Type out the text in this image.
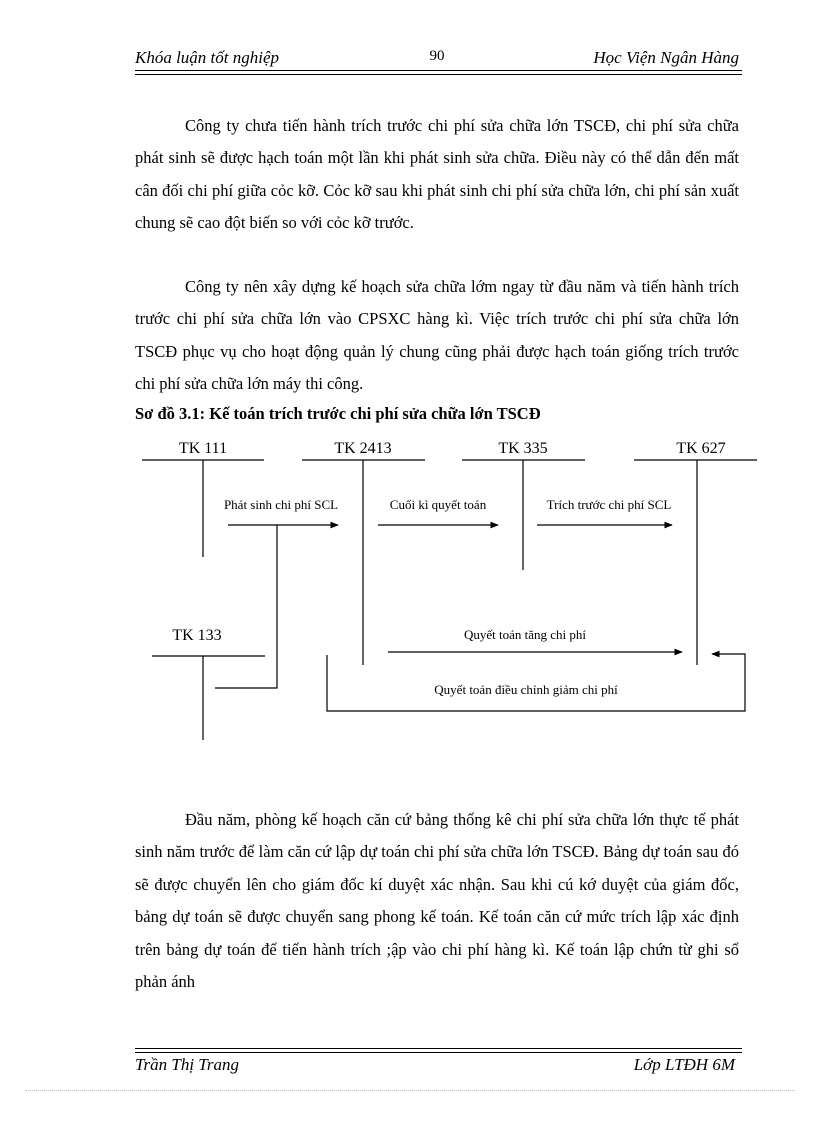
Khóa luận tốt nghiệp	90	Học Viện Ngân Hàng

Công ty chưa tiến hành trích trước chi phí sửa chữa lớn TSCĐ, chi phí sửa chữa phát sinh sẽ được hạch toán một lần khi phát sinh sửa chữa. Điều này có thể dẫn đến mất cân đối chi phí giữa cỏc kỡ. Cỏc kỡ sau khi phát sinh chi phí sửa chữa lớn, chi phí sản xuất chung sẽ cao đột biến so với cỏc kỡ trước.

Công ty nên xây dựng kế hoạch sửa chữa lớm ngay từ đầu năm và tiến hành trích trước chi phí sửa chữa lớn vào CPSXC hàng kì. Việc trích trước chi phí sửa chữa lớn TSCĐ phục vụ cho hoạt động quản lý chung cũng phải được hạch toán giống trích trước chi phí sửa chữa lớn máy thi công.

Sơ đồ 3.1: Kế toán trích trước chi phí sửa chữa lớn TSCĐ
TK 111	TK 2413	TK 335	TK 627
TK 133
Phát sinh chi phí SCL	Cuối kì quyết toán	Trích trước chi phí SCL
Quyết toán tăng chi phí
Quyết toán điều chỉnh giảm chi phí

Đầu năm, phòng kế hoạch căn cứ bảng thống kê chi phí sửa chữa lớn thực tế phát sinh năm trước để làm căn cứ lập dự toán chi phí sửa chữa lớn TSCĐ. Bảng dự toán sau đó sẽ được chuyển lên cho giám đốc kí duyệt xác nhận. Sau khi cú kớ duyệt của giám đốc, bảng dự toán sẽ được chuyển sang phong kế toán. Kế toán căn cứ mức trích lập xác định trên bảng dự toán để tiến hành trích ;ập vào chi phí hàng kì. Kế toán lập chứn từ ghi sổ phản ánh

Trần Thị Trang	Lớp LTĐH 6M
